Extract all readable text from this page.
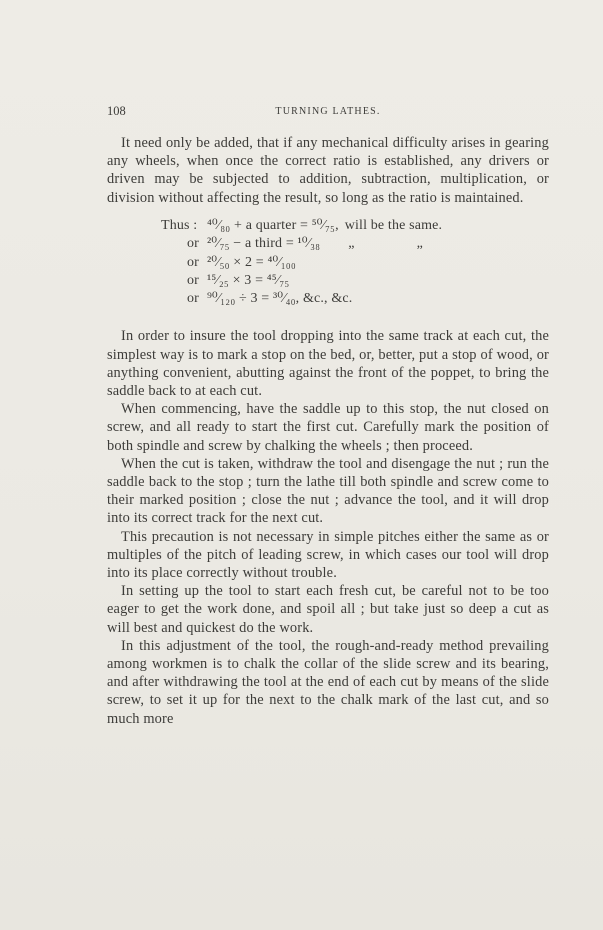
108	TURNING LATHES.

It need only be added, that if any mechanical difficulty arises in gearing any wheels, when once the correct ratio is established, any drivers or driven may be subjected to addition, subtraction, multiplication, or division without affecting the result, so long as the ratio is maintained.

Thus : ⁴⁰⁄₈₀ + a quarter = ⁵⁰⁄₇₅, will be the same.
or ²⁰⁄₇₅ − a third = ¹⁰⁄₃₈ „                 „
or ²⁰⁄₅₀ × 2 = ⁴⁰⁄₁₀₀
or ¹⁵⁄₂₅ × 3 = ⁴⁵⁄₇₅
or ⁹⁰⁄₁₂₀ ÷ 3 = ³⁰⁄₄₀, &c., &c.

In order to insure the tool dropping into the same track at each cut, the simplest way is to mark a stop on the bed, or, better, put a stop of wood, or anything convenient, abutting against the front of the poppet, to bring the saddle back to at each cut.

When commencing, have the saddle up to this stop, the nut closed on screw, and all ready to start the first cut. Carefully mark the position of both spindle and screw by chalking the wheels ; then proceed.

When the cut is taken, withdraw the tool and disengage the nut ; run the saddle back to the stop ; turn the lathe till both spindle and screw come to their marked position ; close the nut ; advance the tool, and it will drop into its correct track for the next cut.

This precaution is not necessary in simple pitches either the same as or multiples of the pitch of leading screw, in which cases our tool will drop into its place correctly without trouble.

In setting up the tool to start each fresh cut, be careful not to be too eager to get the work done, and spoil all ; but take just so deep a cut as will best and quickest do the work.

In this adjustment of the tool, the rough-and-ready method prevailing among workmen is to chalk the collar of the slide screw and its bearing, and after withdrawing the tool at the end of each cut by means of the slide screw, to set it up for the next to the chalk mark of the last cut, and so much more
